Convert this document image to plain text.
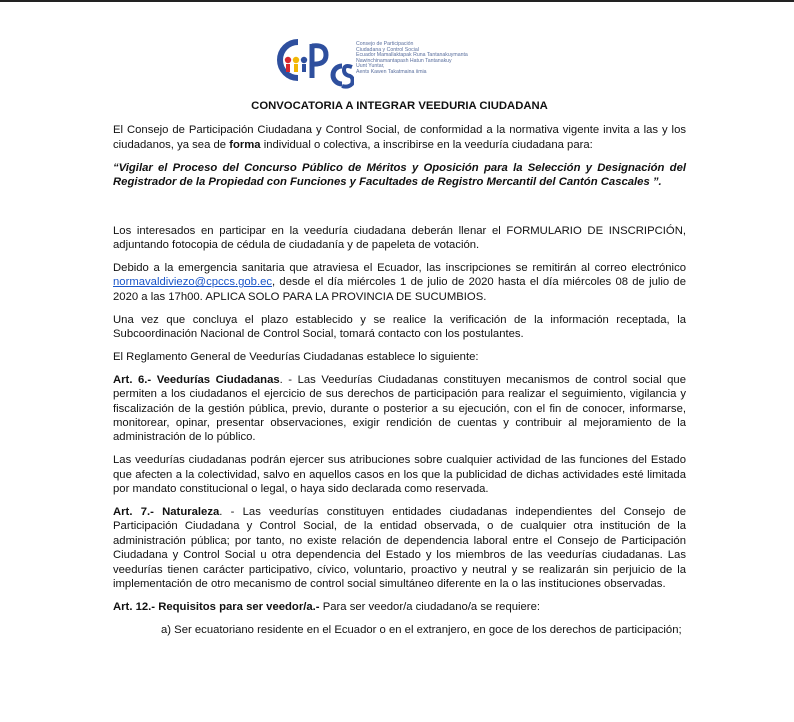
Consejo de Participación
Ciudadana y Control Social
Ecuador Mamallaktapak Runa Tantanakuymanta
Nawinchinamantapash Hatun Tantanakuy
Uunt Yuntar,
Aents Kawen Takatmaina iimia
CONVOCATORIA A INTEGRAR VEEDURIA CIUDADANA

El Consejo de Participación Ciudadana y Control Social, de conformidad a la normativa vigente invita a las y los ciudadanos, ya sea de forma individual o colectiva, a inscribirse en la veeduría ciudadana para:

“Vigilar el Proceso del Concurso Público de Méritos y Oposición para la Selección y Designación del Registrador de la Propiedad con Funciones y Facultades de Registro Mercantil del Cantón Cascales ”.

Los interesados en participar en la veeduría ciudadana deberán llenar el FORMULARIO DE INSCRIPCIÓN, adjuntando fotocopia de cédula de ciudadanía y de papeleta de votación.

Debido a la emergencia sanitaria que atraviesa el Ecuador, las inscripciones se remitirán al correo electrónico normavaldiviezo@cpccs.gob.ec, desde el día miércoles 1 de julio de 2020 hasta el día miércoles 08 de julio de 2020 a las 17h00. APLICA SOLO PARA LA PROVINCIA DE SUCUMBIOS.

Una vez que concluya el plazo establecido y se realice la verificación de la información receptada, la Subcoordinación Nacional de Control Social, tomará contacto con los postulantes.

El Reglamento General de Veedurías Ciudadanas establece lo siguiente:

Art. 6.- Veedurías Ciudadanas. - Las Veedurías Ciudadanas constituyen mecanismos de control social que permiten a los ciudadanos el ejercicio de sus derechos de participación para realizar el seguimiento, vigilancia y fiscalización de la gestión pública, previo, durante o posterior a su ejecución, con el fin de conocer, informarse, monitorear, opinar, presentar observaciones, exigir rendición de cuentas y contribuir al mejoramiento de la administración de lo público.

Las veedurías ciudadanas podrán ejercer sus atribuciones sobre cualquier actividad de las funciones del Estado que afecten a la colectividad, salvo en aquellos casos en los que la publicidad de dichas actividades esté limitada por mandato constitucional o legal, o haya sido declarada como reservada.

Art. 7.- Naturaleza. - Las veedurías constituyen entidades ciudadanas independientes del Consejo de Participación Ciudadana y Control Social, de la entidad observada, o de cualquier otra institución de la administración pública; por tanto, no existe relación de dependencia laboral entre el Consejo de Participación Ciudadana y Control Social u otra dependencia del Estado y los miembros de las veedurías ciudadanas. Las veedurías tienen carácter participativo, cívico, voluntario, proactivo y neutral y se realizarán sin perjuicio de la implementación de otro mecanismo de control social simultáneo diferente en la o las instituciones observadas.

Art. 12.- Requisitos para ser veedor/a.- Para ser veedor/a ciudadano/a se requiere:

a) Ser ecuatoriano residente en el Ecuador o en el extranjero, en goce de los derechos de participación;
